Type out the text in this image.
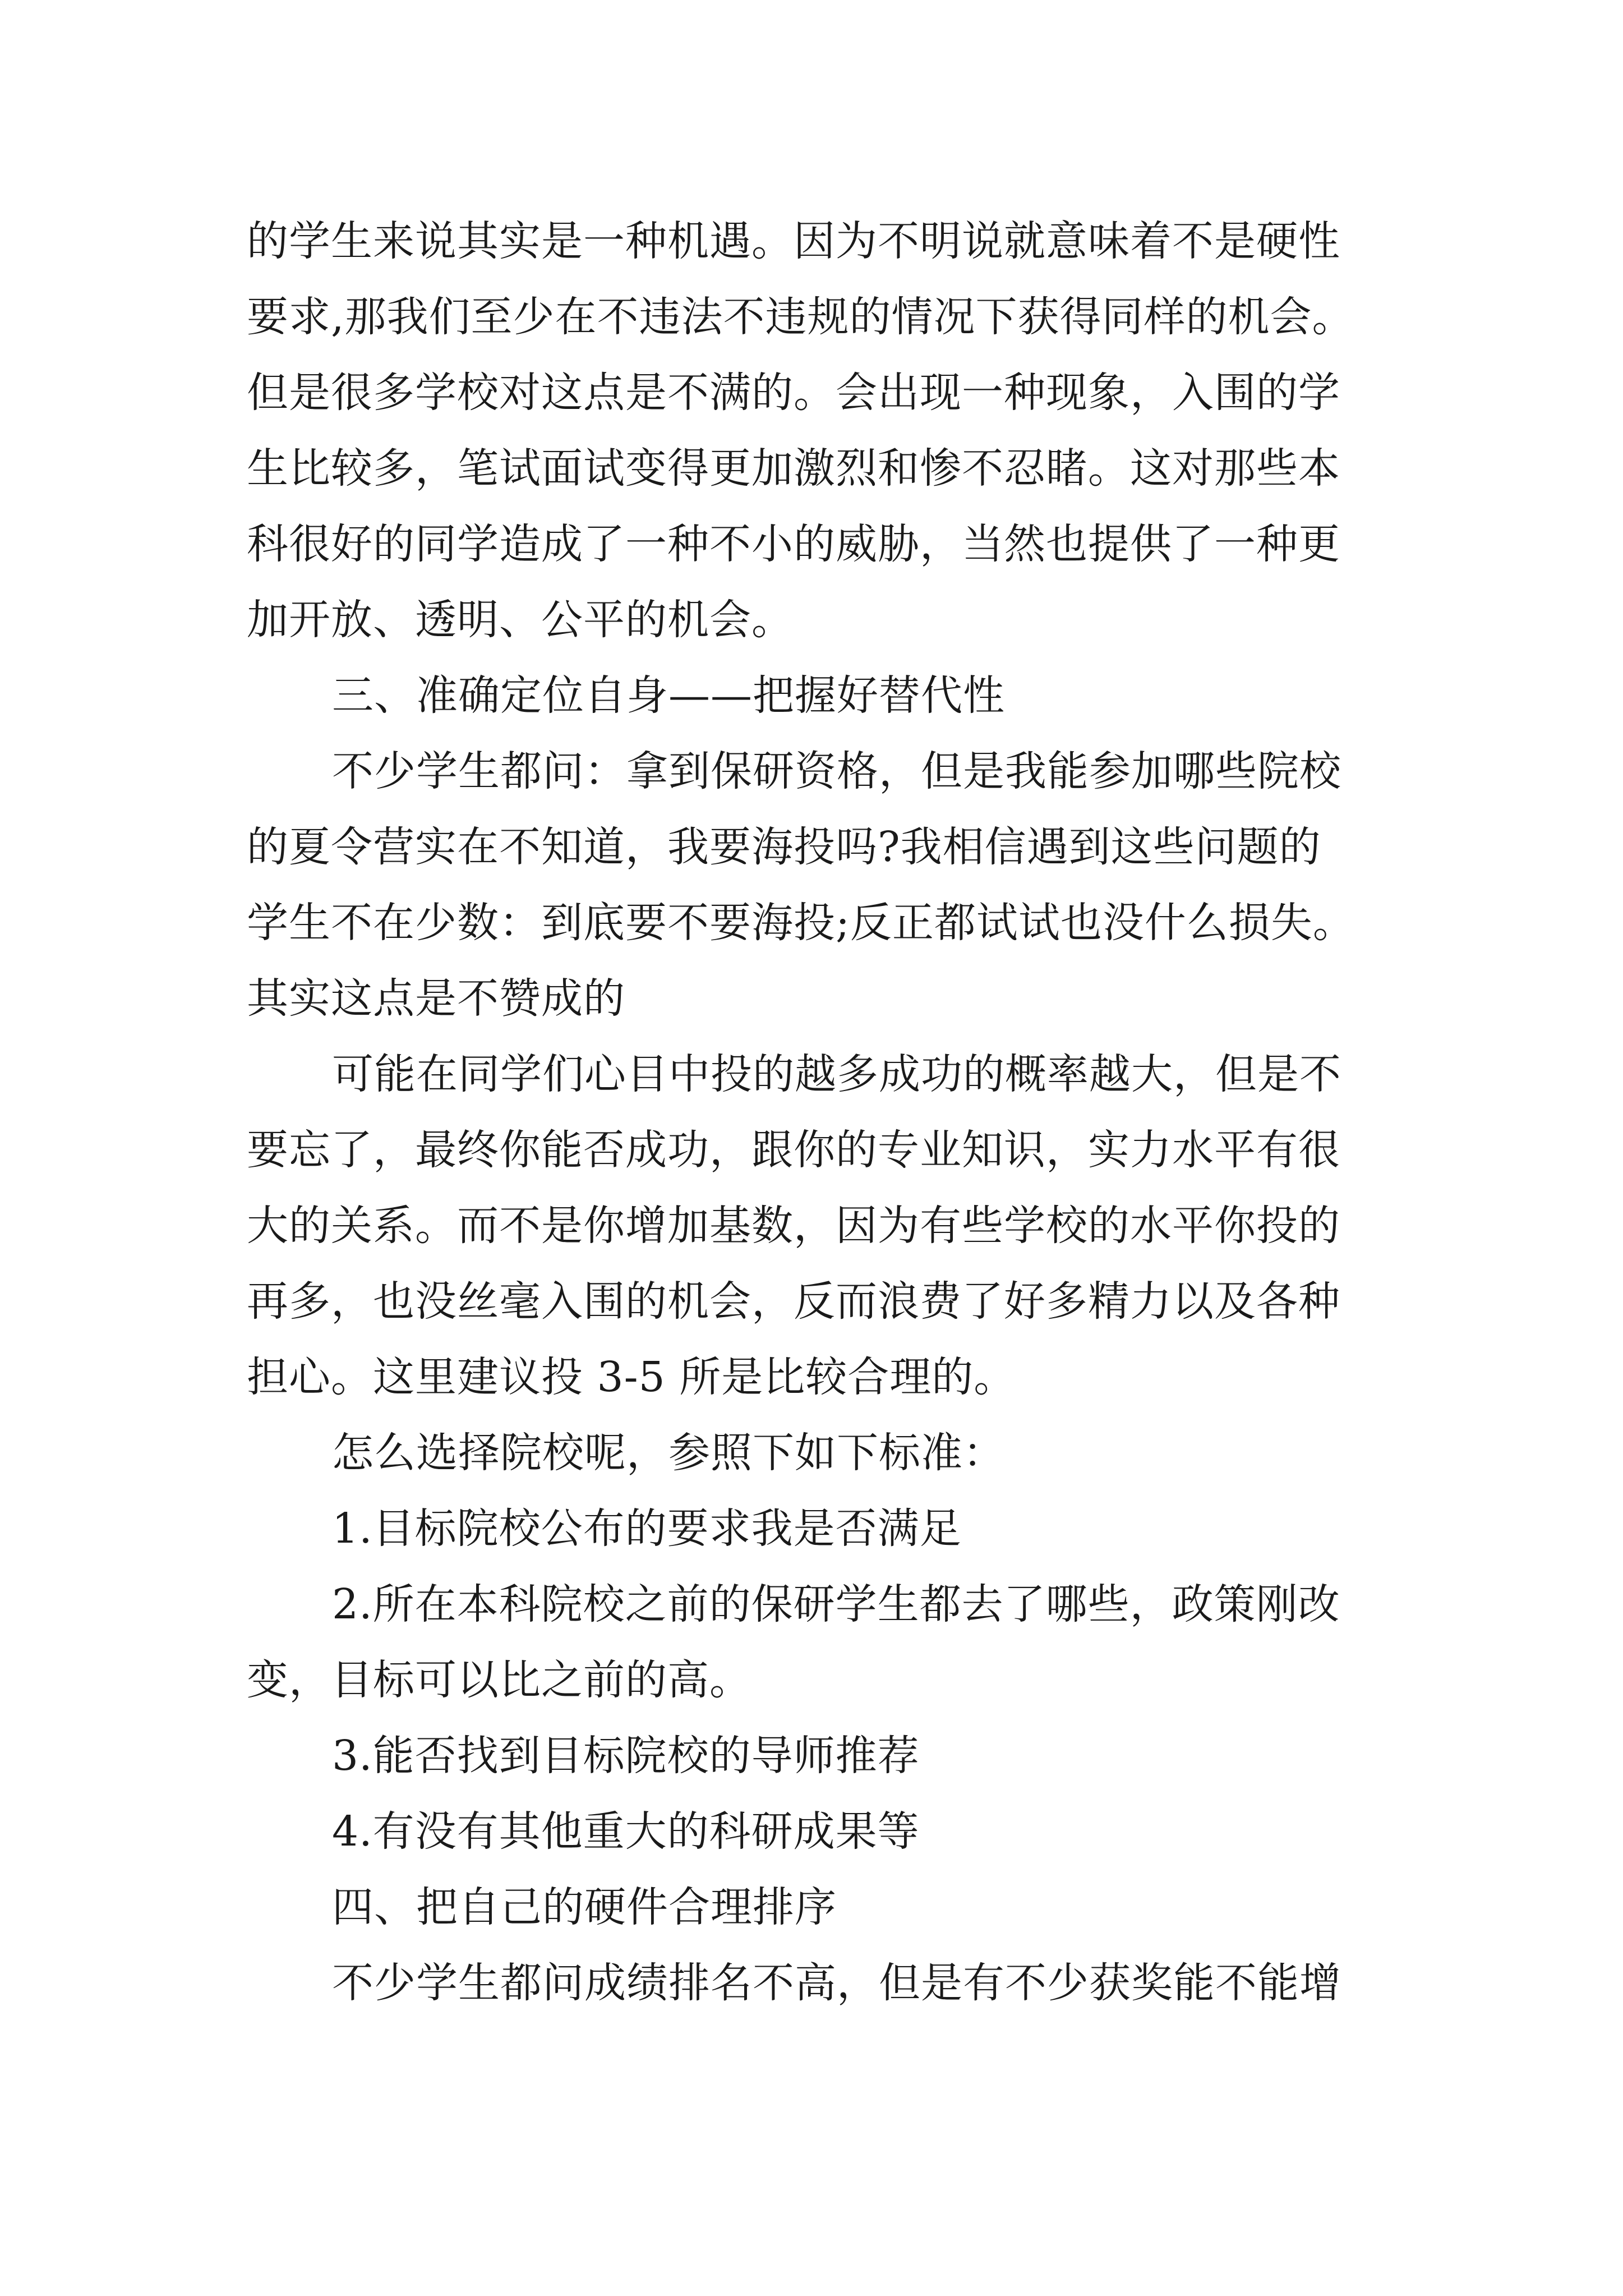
的学生来说其实是一种机遇。因为不明说就意味着不是硬性

要求,那我们至少在不违法不违规的情况下获得同样的机会。

但是很多学校对这点是不满的。会出现一种现象，入围的学

生比较多，笔试面试变得更加激烈和惨不忍睹。这对那些本

科很好的同学造成了一种不小的威胁，当然也提供了一种更

加开放、透明、公平的机会。

三、准确定位自身——把握好替代性

不少学生都问：拿到保研资格，但是我能参加哪些院校

的夏令营实在不知道，我要海投吗?我相信遇到这些问题的

学生不在少数：到底要不要海投;反正都试试也没什么损失。

其实这点是不赞成的

可能在同学们心目中投的越多成功的概率越大，但是不

要忘了，最终你能否成功，跟你的专业知识，实力水平有很

大的关系。而不是你增加基数，因为有些学校的水平你投的

再多，也没丝毫入围的机会，反而浪费了好多精力以及各种

担心。这里建议投 3-5 所是比较合理的。

怎么选择院校呢，参照下如下标准：

1.目标院校公布的要求我是否满足

2.所在本科院校之前的保研学生都去了哪些，政策刚改

变，目标可以比之前的高。

3.能否找到目标院校的导师推荐

4.有没有其他重大的科研成果等

四、把自己的硬件合理排序

不少学生都问成绩排名不高，但是有不少获奖能不能增
